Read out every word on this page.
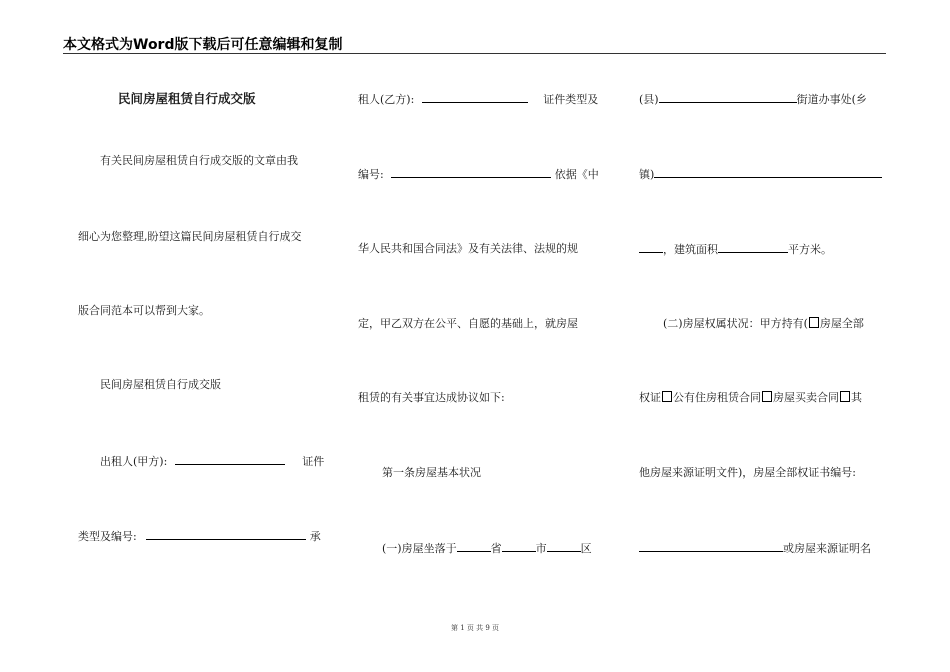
本文格式为Word版下载后可任意编辑和复制
民间房屋租赁自行成交版
有关民间房屋租赁自行成交版的文章由我
细心为您整理,盼望这篇民间房屋租赁自行成交
版合同范本可以帮到大家。
民间房屋租赁自行成交版
出租人(甲方):	证件
类型及编号:	承
租人(乙方):	证件类型及
编号:	依据《中
华人民共和国合同法》及有关法律、法规的规
定，甲乙双方在公平、自愿的基础上，就房屋
租赁的有关事宜达成协议如下:
第一条房屋基本状况
(一)房屋坐落于	省	市	区
(县)	街道办事处(乡
镇)
，建筑面积	平方米。
(二)房屋权属状况：甲方持有( 房屋全部
权证 公有住房租赁合同 房屋买卖合同 其
他房屋来源证明文件)，房屋全部权证书编号:
或房屋来源证明名
第 1 页 共 9 页
